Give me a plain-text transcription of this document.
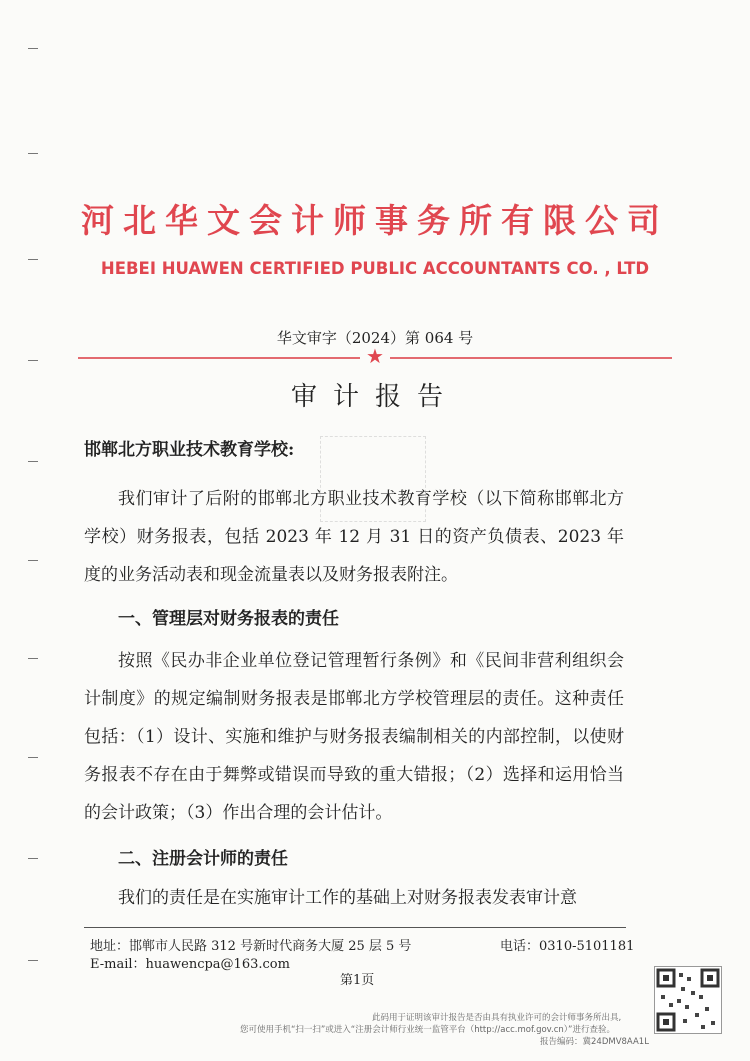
河北华文会计师事务所有限公司
HEBEI HUAWEN CERTIFIED PUBLIC ACCOUNTANTS CO. , LTD
华文审字（2024）第 064 号
★
审计报告
邯郸北方职业技术教育学校:
我们审计了后附的邯郸北方职业技术教育学校（以下简称邯郸北方学校）财务报表，包括 2023 年 12 月 31 日的资产负债表、2023 年度的业务活动表和现金流量表以及财务报表附注。
一、管理层对财务报表的责任
按照《民办非企业单位登记管理暂行条例》和《民间非营利组织会计制度》的规定编制财务报表是邯郸北方学校管理层的责任。这种责任包括：（1）设计、实施和维护与财务报表编制相关的内部控制，以使财务报表不存在由于舞弊或错误而导致的重大错报；（2）选择和运用恰当的会计政策；（3）作出合理的会计估计。
二、注册会计师的责任
我们的责任是在实施审计工作的基础上对财务报表发表审计意
地址：邯郸市人民路 312 号新时代商务大厦 25 层 5 号	电话：0310-5101181
E-mail：huawencpa@163.com
第1页
此码用于证明该审计报告是否由具有执业许可的会计师事务所出具,
您可使用手机“扫一扫”或进入“注册会计师行业统一监管平台（http://acc.mof.gov.cn）”进行查验。
报告编码：冀24DMV8AA1L
